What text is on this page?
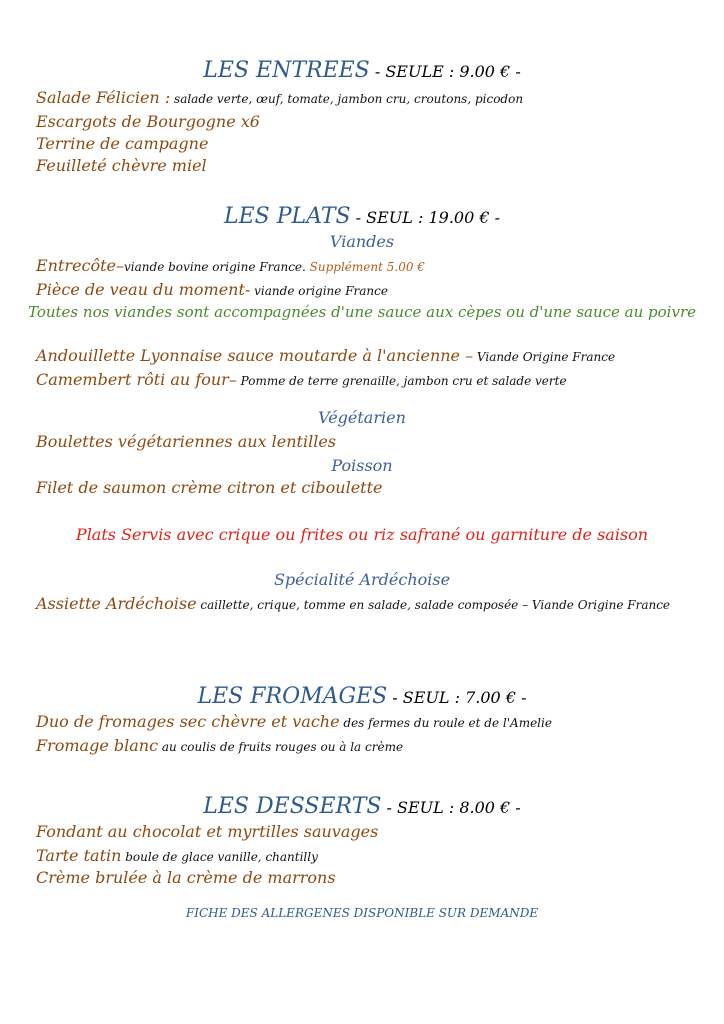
LES ENTREES - SEULE : 9.00 € -
Salade Félicien : salade verte, œuf, tomate, jambon cru, croutons, picodon
Escargots de Bourgogne x6
Terrine de campagne
Feuilleté chèvre miel
LES PLATS - SEUL : 19.00 € -
Viandes
Entrecôte–viande bovine origine France. Supplément 5.00 €
Pièce de veau du moment- viande origine France
Toutes nos viandes sont accompagnées d'une sauce aux cèpes ou d'une sauce au poivre
Andouillette Lyonnaise sauce moutarde à l'ancienne – Viande Origine France
Camembert rôti au four– Pomme de terre grenaille, jambon cru et salade verte
Végétarien
Boulettes végétariennes aux lentilles
Poisson
Filet de saumon crème citron et ciboulette
Plats Servis avec crique ou frites ou riz safrané ou garniture de saison
Spécialité Ardéchoise
Assiette Ardéchoise caillette, crique, tomme en salade, salade composée – Viande Origine France
LES FROMAGES - SEUL : 7.00 € -
Duo de fromages sec chèvre et vache des fermes du roule et de l'Amelie
Fromage blanc au coulis de fruits rouges ou à la crème
LES DESSERTS - SEUL : 8.00 € -
Fondant au chocolat et myrtilles sauvages
Tarte tatin boule de glace vanille, chantilly
Crème brulée à la crème de marrons
FICHE DES ALLERGENES DISPONIBLE SUR DEMANDE
